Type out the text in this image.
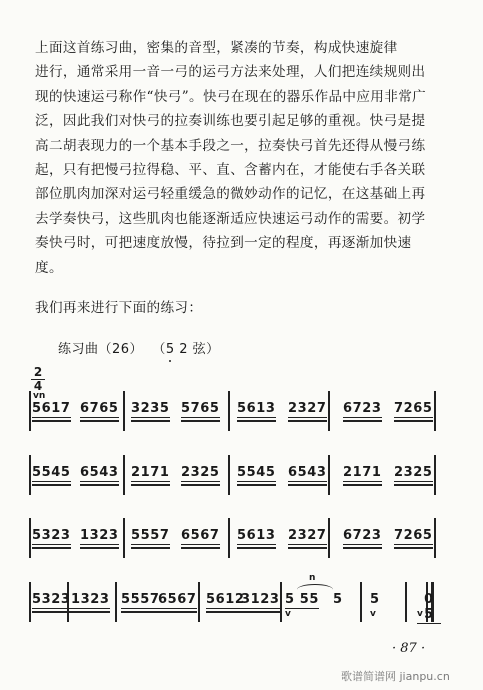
上面这首练习曲，密集的音型，紧凑的节奏，构成快速旋律
进行，通常采用一音一弓的运弓方法来处理，人们把连续规则出
现的快速运弓称作“快弓”。快弓在现在的器乐作品中应用非常广
泛，因此我们对快弓的拉奏训练也要引起足够的重视。快弓是提
高二胡表现力的一个基本手段之一，拉奏快弓首先还得从慢弓练
起，只有把慢弓拉得稳、平、直、含蓄内在，才能使右手各关联
部位肌肉加深对运弓轻重缓急的微妙动作的记忆，在这基础上再
去学奏快弓，这些肌肉也能逐渐适应快速运弓动作的需要。初学
奏快弓时，可把速度放慢，待拉到一定的程度，再逐渐加快速
度。
我们再来进行下面的练习：
练习曲（26） （5 2 弦）
2
4
5617 6765 3235 5765 5613 2327 6723 7265
vn
5545 6543 2171 2325 5545 6543 2171 2325
5323 1323 5557 6567 5613 2327 6723 7265
5323 1323 5557
6567 5612
3123 5 55 5 5	0 5
v	v	v
n
· 87 ·
歌谱简谱网 jianpu.cn
